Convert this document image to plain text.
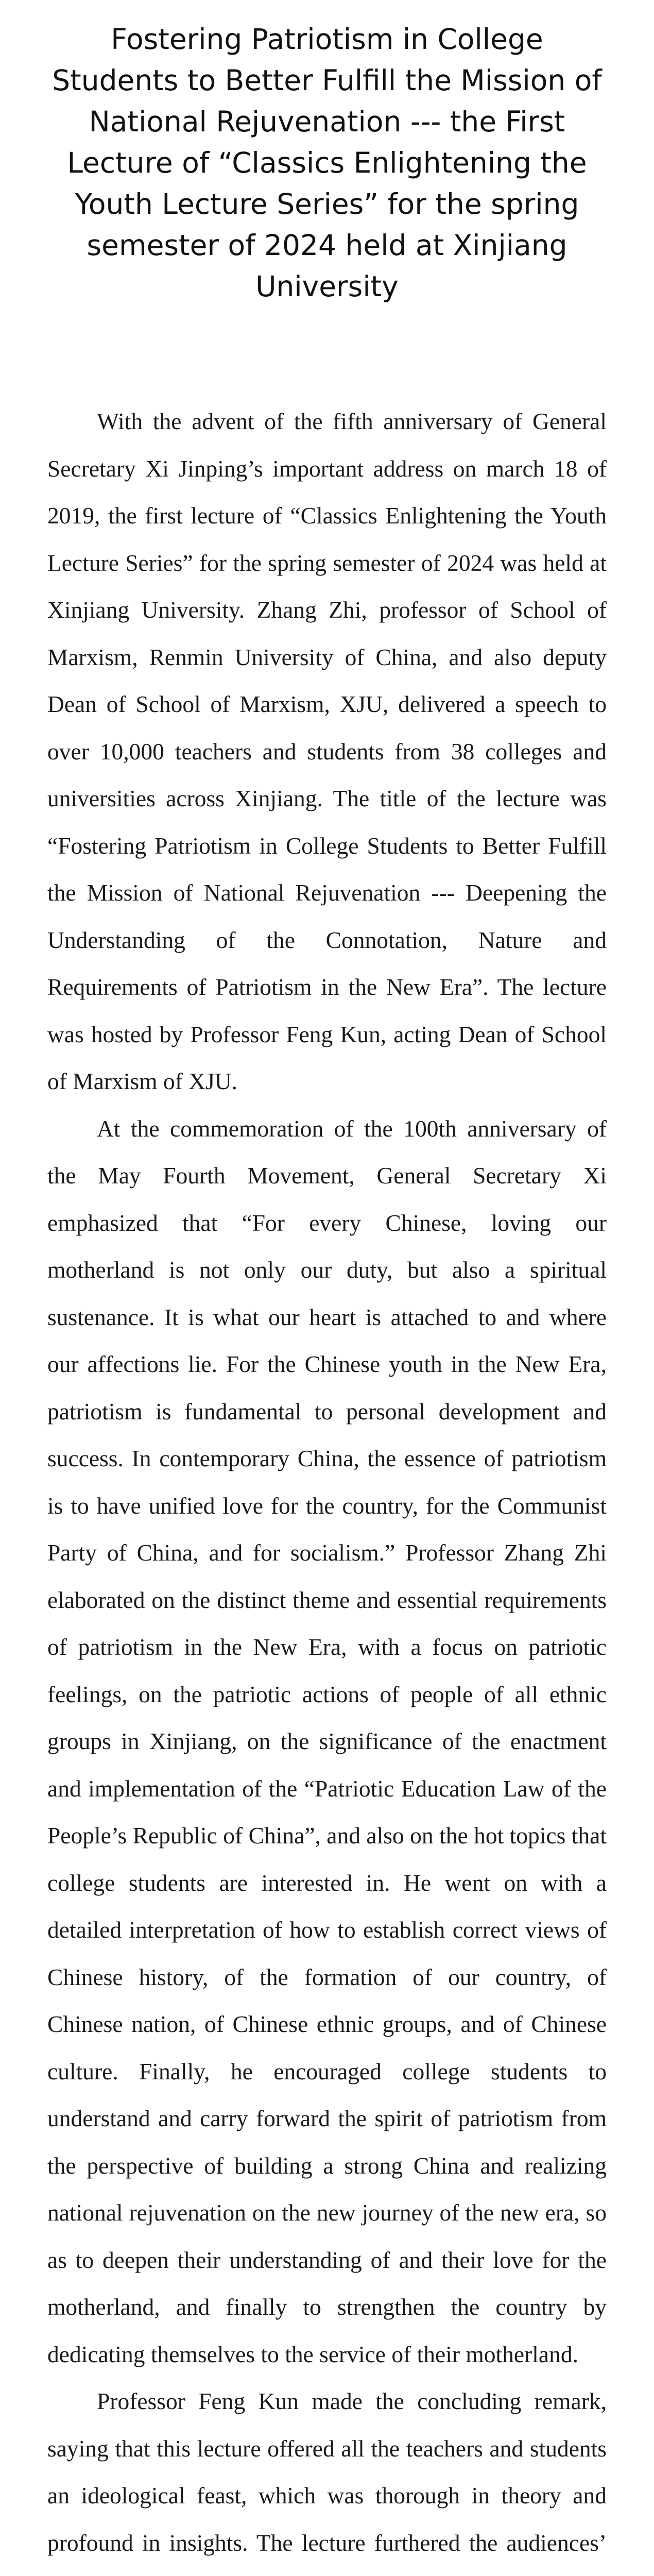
Fostering Patriotism in College Students to Better Fulfill the Mission of National Rejuvenation --- the First Lecture of “Classics Enlightening the Youth Lecture Series” for the spring semester of 2024 held at Xinjiang University

With the advent of the fifth anniversary of General Secretary Xi Jinping’s important address on march 18 of 2019, the first lecture of “Classics Enlightening the Youth Lecture Series” for the spring semester of 2024 was held at Xinjiang University. Zhang Zhi, professor of School of Marxism, Renmin University of China, and also deputy Dean of School of Marxism, XJU, delivered a speech to over 10,000 teachers and students from 38 colleges and universities across Xinjiang. The title of the lecture was “Fostering Patriotism in College Students to Better Fulfill the Mission of National Rejuvenation --- Deepening the Understanding of the Connotation, Nature and Requirements of Patriotism in the New Era”. The lecture was hosted by Professor Feng Kun, acting Dean of School of Marxism of XJU.

At the commemoration of the 100th anniversary of the May Fourth Movement, General Secretary Xi emphasized that “For every Chinese, loving our motherland is not only our duty, but also a spiritual sustenance. It is what our heart is attached to and where our affections lie. For the Chinese youth in the New Era, patriotism is fundamental to personal development and success. In contemporary China, the essence of patriotism is to have unified love for the country, for the Communist Party of China, and for socialism.” Professor Zhang Zhi elaborated on the distinct theme and essential requirements of patriotism in the New Era, with a focus on patriotic feelings, on the patriotic actions of people of all ethnic groups in Xinjiang, on the significance of the enactment and implementation of the “Patriotic Education Law of the People’s Republic of China”, and also on the hot topics that college students are interested in. He went on with a detailed interpretation of how to establish correct views of Chinese history, of the formation of our country, of Chinese nation, of Chinese ethnic groups, and of Chinese culture. Finally, he encouraged college students to understand and carry forward the spirit of patriotism from the perspective of building a strong China and realizing national rejuvenation on the new journey of the new era, so as to deepen their understanding of and their love for the motherland, and finally to strengthen the country by dedicating themselves to the service of their motherland.

Professor Feng Kun made the concluding remark, saying that this lecture offered all the teachers and students an ideological feast, which was thorough in theory and profound in insights. The lecture furthered the audiences’
